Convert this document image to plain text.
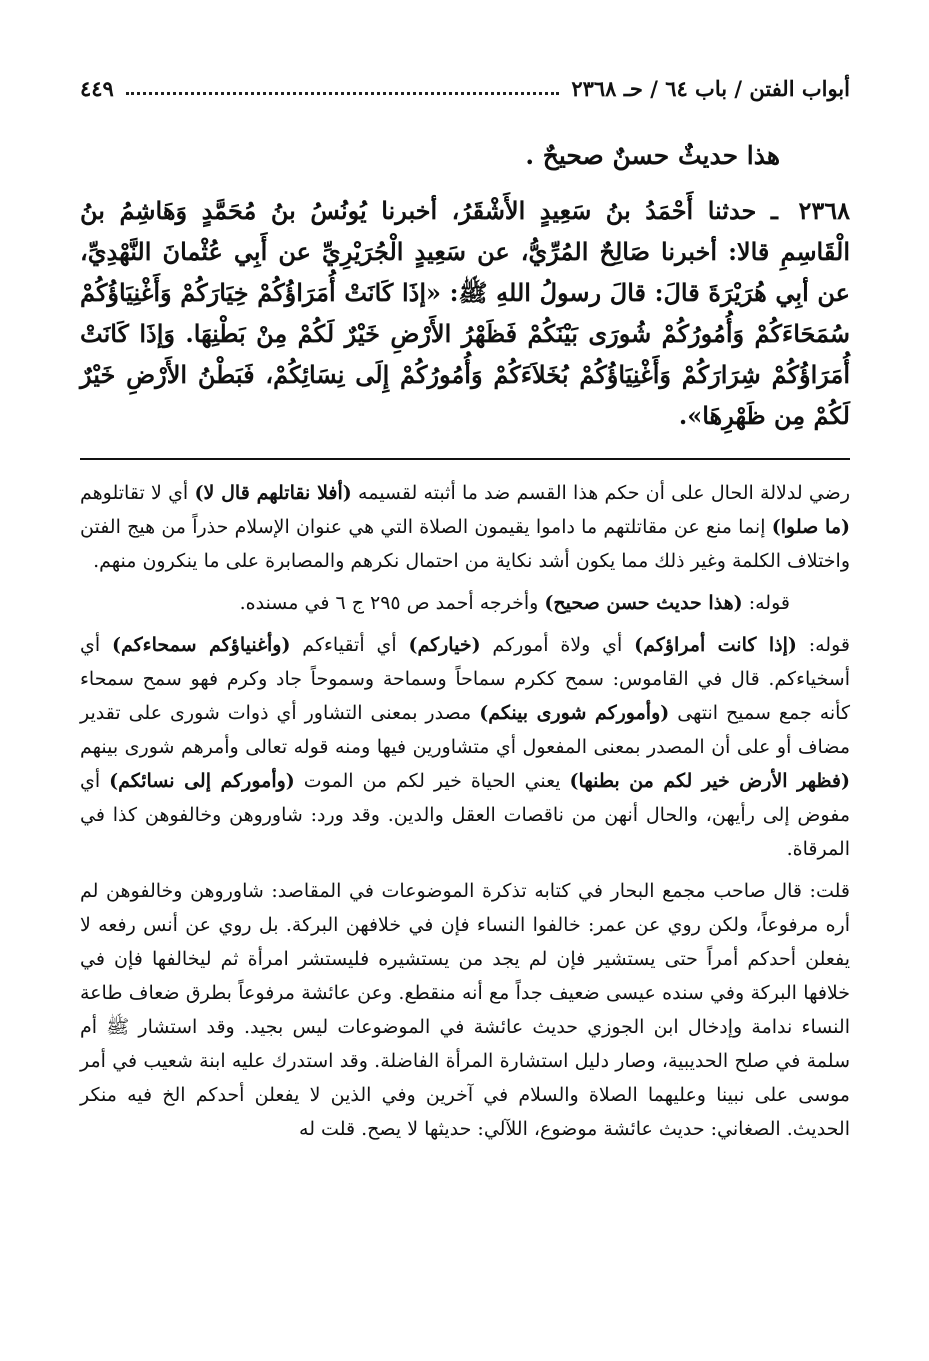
أبواب الفتن / باب ٦٤ / حـ ٢٣٦٨
٤٤٩
هذا حديثٌ حسنٌ صحيحٌ .
٢٣٦٨ ـ حدثنا أَحْمَدُ بنُ سَعِيدٍ الأَشْقَرُ، أخبرنا يُونُسُ بنُ مُحَمَّدٍ وَهَاشِمُ بنُ الْقَاسِمِ قالا: أخبرنا صَالِحٌ المُرِّيُّ، عن سَعِيدٍ الْجُرَيْرِيِّ عن أَبِي عُثْمانَ النَّهْدِيِّ، عن أبِي هُرَيْرَةَ قالَ: قالَ رسولُ اللهِ ﷺ: «إذَا كَانَتْ أُمَرَاؤُكُمْ خِيَارَكُمْ وَأَغْنِيَاؤُكُمْ سُمَحَاءَكُمْ وَأُمُورُكُمْ شُورَى بَيْنَكُمْ فَظَهْرُ الأَرْضِ خَيْرٌ لَكُمْ مِنْ بَطْنِهَا. وَإذَا كَانَتْ أُمَرَاؤُكُمْ شِرَارَكُمْ وَأَغْنِيَاؤُكُمْ بُخَلاَءَكُمْ وَأُمُورُكُمْ إِلَى نِسَائِكُمْ، فَبَطْنُ الأَرْضِ خَيْرٌ لَكُمْ مِن ظَهْرِهَا».

رضي لدلالة الحال على أن حكم هذا القسم ضد ما أثبته لقسيمه (أفلا نقاتلهم قال لا) أي لا تقاتلوهم (ما صلوا) إنما منع عن مقاتلتهم ما داموا يقيمون الصلاة التي هي عنوان الإسلام حذراً من هيج الفتن واختلاف الكلمة وغير ذلك مما يكون أشد نكاية من احتمال نكرهم والمصابرة على ما ينكرون منهم.

قوله: (هذا حديث حسن صحيح) وأخرجه أحمد ص ٢٩٥ ج ٦ في مسنده.

قوله: (إذا كانت أمراؤكم) أي ولاة أموركم (خياركم) أي أتقياءكم (وأغنياؤكم سمحاءكم) أي أسخياءكم. قال في القاموس: سمح ككرم سماحاً وسماحة وسموحاً جاد وكرم فهو سمح سمحاء كأنه جمع سميح انتهى (وأموركم شورى بينكم) مصدر بمعنى التشاور أي ذوات شورى على تقدير مضاف أو على أن المصدر بمعنى المفعول أي متشاورين فيها ومنه قوله تعالى وأمرهم شورى بينهم (فظهر الأرض خير لكم من بطنها) يعني الحياة خير لكم من الموت (وأموركم إلى نسائكم) أي مفوض إلى رأيهن، والحال أنهن من ناقصات العقل والدين. وقد ورد: شاوروهن وخالفوهن كذا في المرقاة.

قلت: قال صاحب مجمع البحار في كتابه تذكرة الموضوعات في المقاصد: شاوروهن وخالفوهن لم أره مرفوعاً، ولكن روي عن عمر: خالفوا النساء فإن في خلافهن البركة. بل روي عن أنس رفعه لا يفعلن أحدكم أمراً حتى يستشير فإن لم يجد من يستشيره فليستشر امرأة ثم ليخالفها فإن في خلافها البركة وفي سنده عيسى ضعيف جداً مع أنه منقطع. وعن عائشة مرفوعاً بطرق ضعاف طاعة النساء ندامة وإدخال ابن الجوزي حديث عائشة في الموضوعات ليس بجيد. وقد استشار ﷺ أم سلمة في صلح الحديبية، وصار دليل استشارة المرأة الفاضلة. وقد استدرك عليه ابنة شعيب في أمر موسى على نبينا وعليهما الصلاة والسلام في آخرين وفي الذين لا يفعلن أحدكم الخ فيه منكر الحديث. الصغاني: حديث عائشة موضوع، اللآلي: حديثها لا يصح. قلت له
